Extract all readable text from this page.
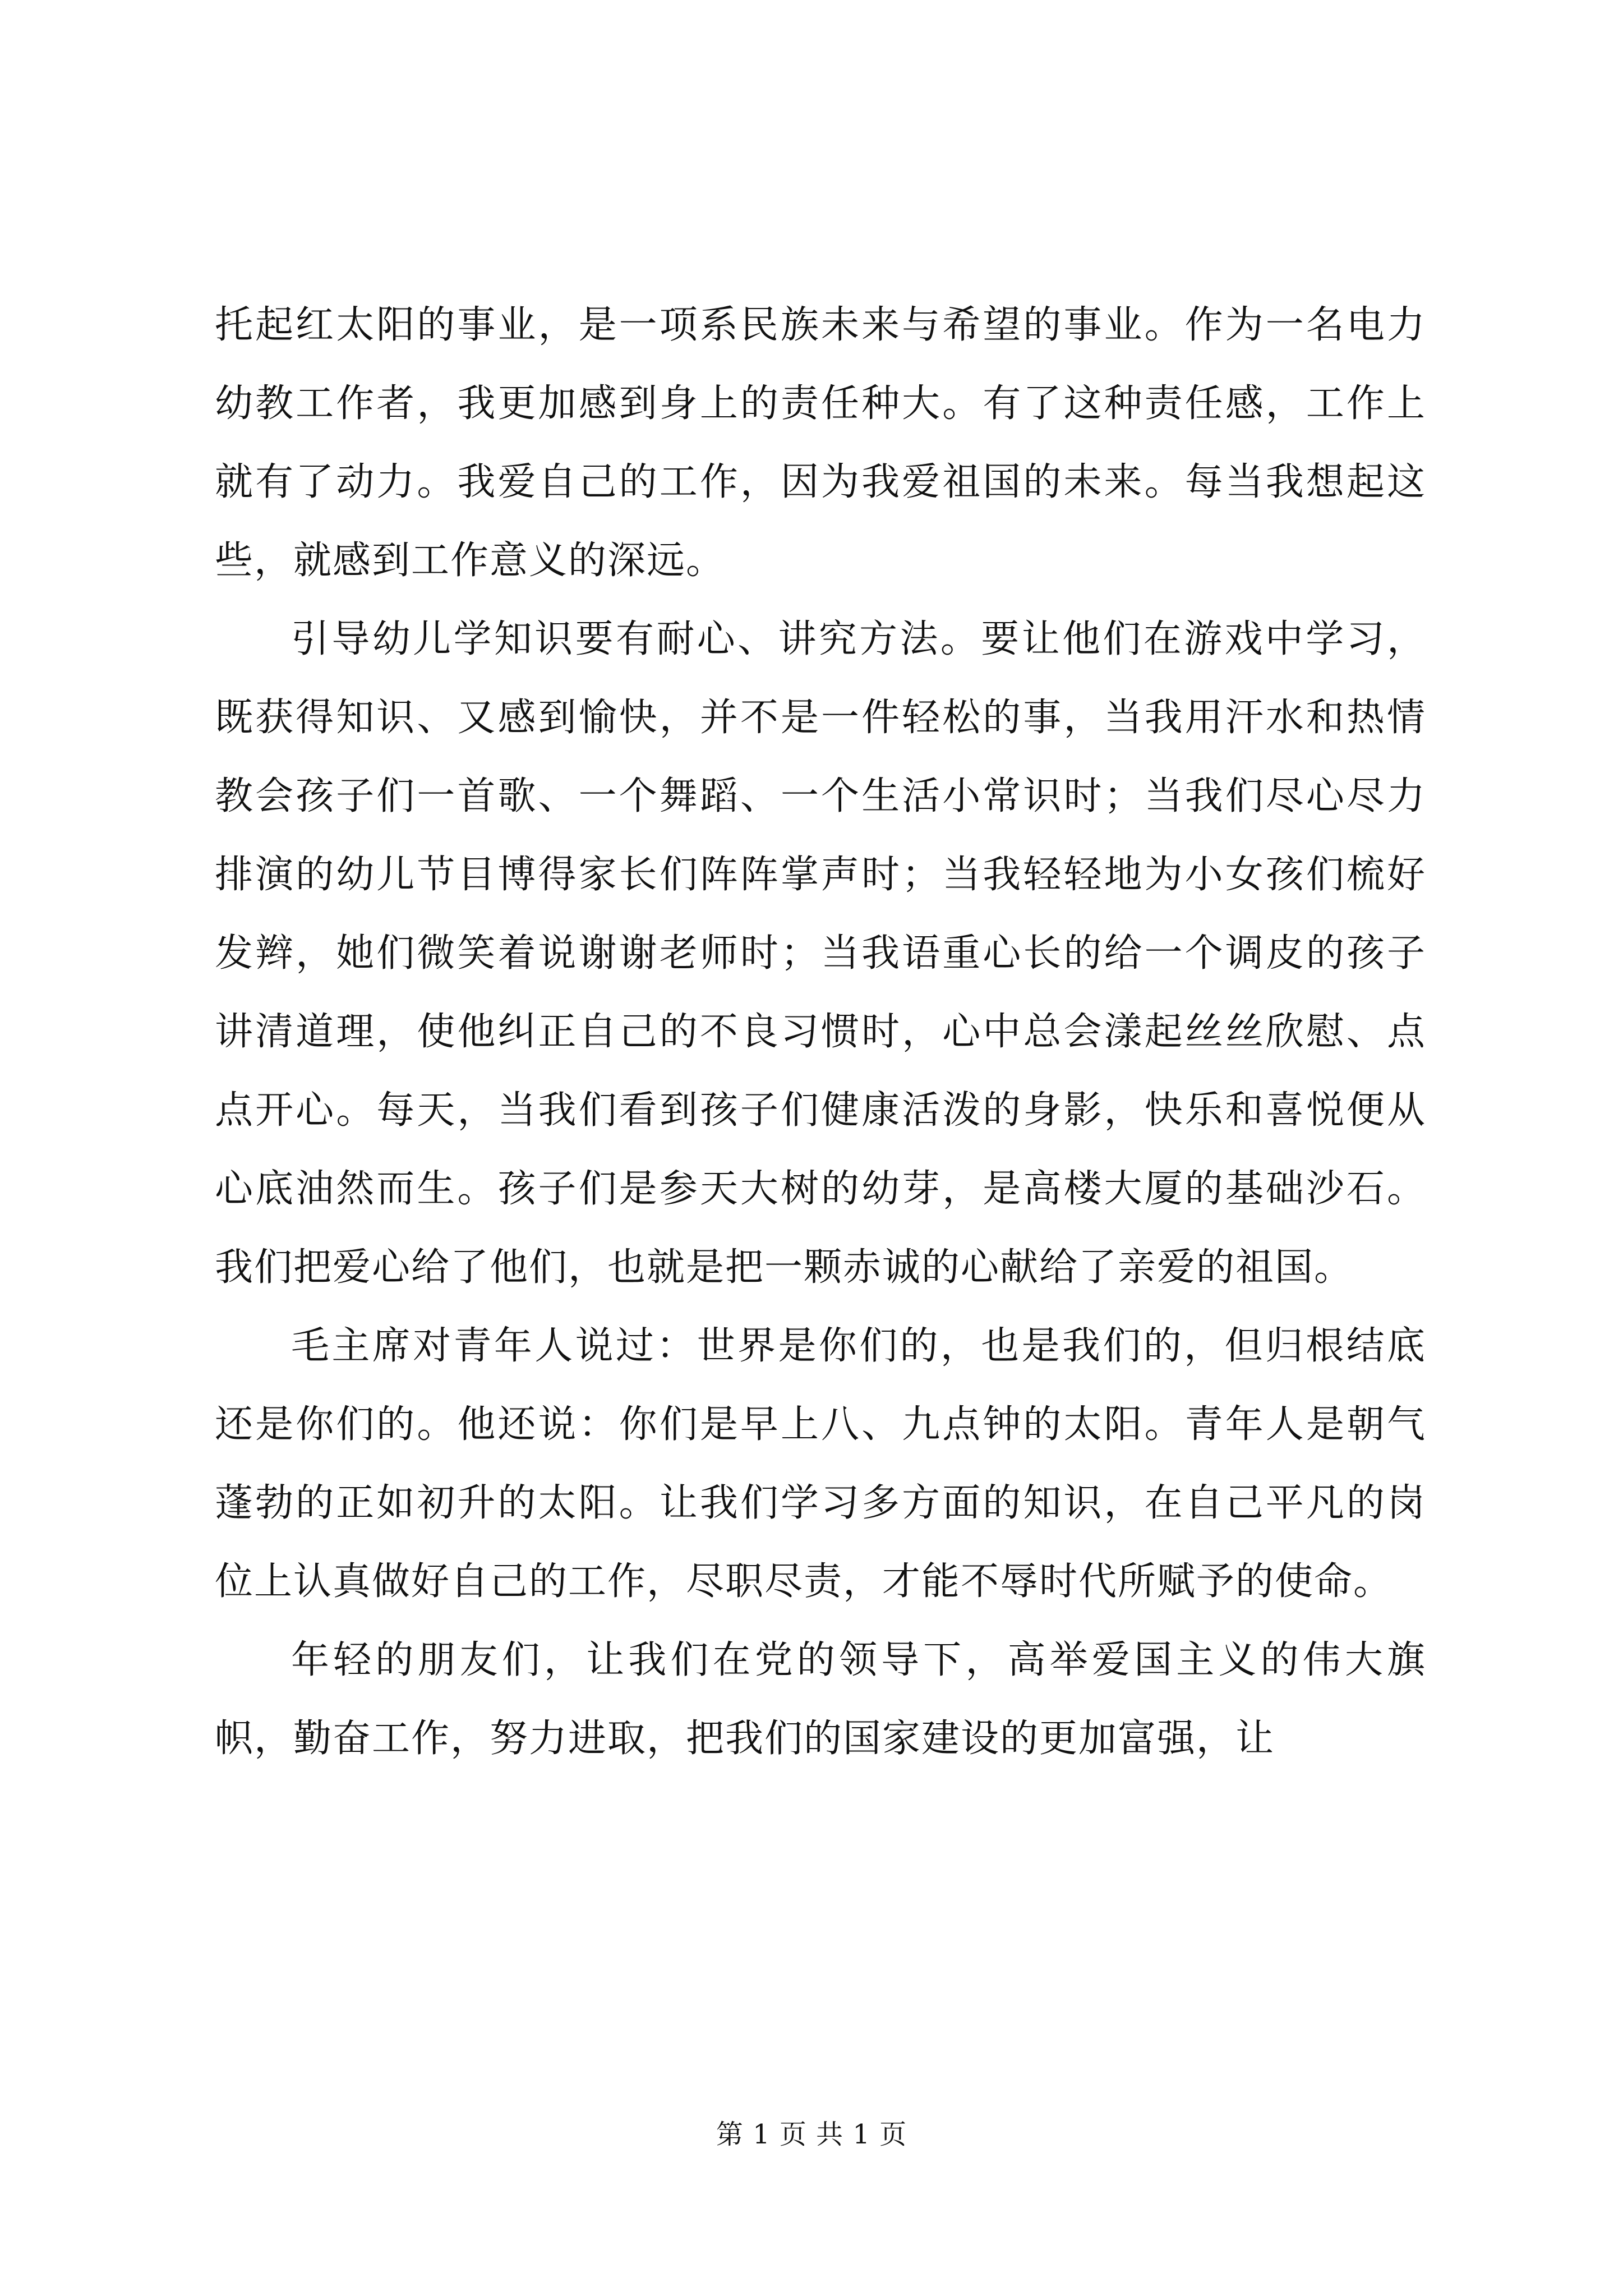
托起红太阳的事业，是一项系民族未来与希望的事业。作为一名电力幼教工作者，我更加感到身上的责任种大。有了这种责任感，工作上就有了动力。我爱自己的工作，因为我爱祖国的未来。每当我想起这些，就感到工作意义的深远。

引导幼儿学知识要有耐心、讲究方法。要让他们在游戏中学习，既获得知识、又感到愉快，并不是一件轻松的事，当我用汗水和热情教会孩子们一首歌、一个舞蹈、一个生活小常识时；当我们尽心尽力排演的幼儿节目博得家长们阵阵掌声时；当我轻轻地为小女孩们梳好发辫，她们微笑着说谢谢老师时；当我语重心长的给一个调皮的孩子讲清道理，使他纠正自己的不良习惯时，心中总会漾起丝丝欣慰、点点开心。每天，当我们看到孩子们健康活泼的身影，快乐和喜悦便从心底油然而生。孩子们是参天大树的幼芽，是高楼大厦的基础沙石。我们把爱心给了他们，也就是把一颗赤诚的心献给了亲爱的祖国。

毛主席对青年人说过：世界是你们的，也是我们的，但归根结底还是你们的。他还说：你们是早上八、九点钟的太阳。青年人是朝气蓬勃的正如初升的太阳。让我们学习多方面的知识，在自己平凡的岗位上认真做好自己的工作，尽职尽责，才能不辱时代所赋予的使命。

年轻的朋友们，让我们在党的领导下，高举爱国主义的伟大旗帜，勤奋工作，努力进取，把我们的国家建设的更加富强，让

第 1 页 共 1 页
